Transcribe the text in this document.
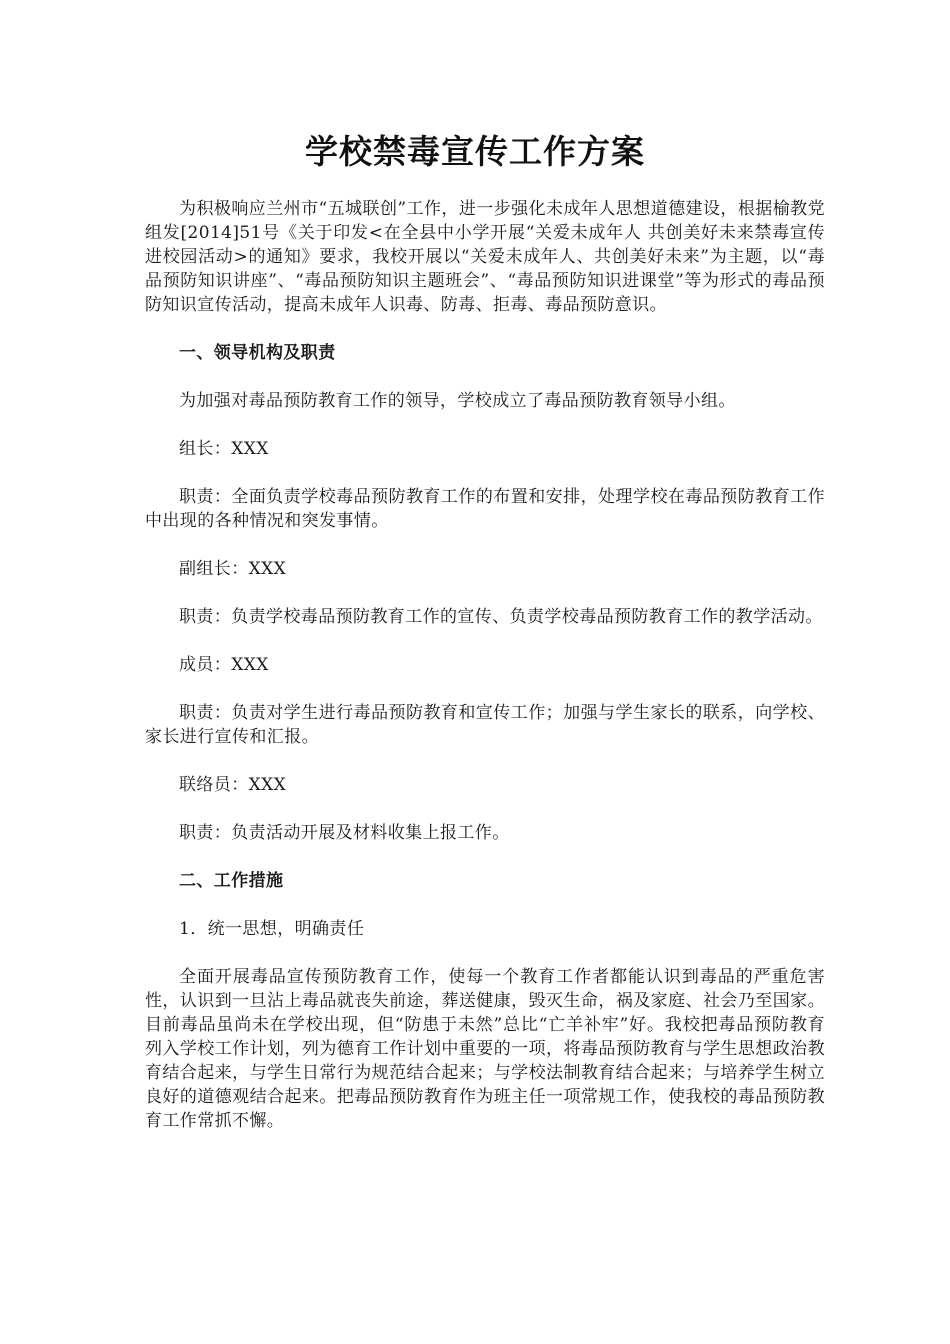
学校禁毒宣传工作方案

为积极响应兰州市“五城联创”工作，进一步强化未成年人思想道德建设，根据榆教党组发[2014]51号《关于印发<在全县中小学开展“关爱未成年人 共创美好未来禁毒宣传进校园活动>的通知》要求，我校开展以“关爱未成年人、共创美好未来”为主题，以“毒品预防知识讲座”、“毒品预防知识主题班会”、“毒品预防知识进课堂”等为形式的毒品预防知识宣传活动，提高未成年人识毒、防毒、拒毒、毒品预防意识。

一、领导机构及职责

为加强对毒品预防教育工作的领导，学校成立了毒品预防教育领导小组。

组长：XXX

职责：全面负责学校毒品预防教育工作的布置和安排，处理学校在毒品预防教育工作中出现的各种情况和突发事情。

副组长：XXX

职责：负责学校毒品预防教育工作的宣传、负责学校毒品预防教育工作的教学活动。

成员：XXX

职责：负责对学生进行毒品预防教育和宣传工作；加强与学生家长的联系，向学校、家长进行宣传和汇报。

联络员：XXX

职责：负责活动开展及材料收集上报工作。

二、工作措施

1．统一思想，明确责任

全面开展毒品宣传预防教育工作，使每一个教育工作者都能认识到毒品的严重危害性，认识到一旦沾上毒品就丧失前途，葬送健康，毁灭生命，祸及家庭、社会乃至国家。目前毒品虽尚未在学校出现，但“防患于未然”总比“亡羊补牢”好。我校把毒品预防教育列入学校工作计划，列为德育工作计划中重要的一项，将毒品预防教育与学生思想政治教育结合起来，与学生日常行为规范结合起来；与学校法制教育结合起来；与培养学生树立良好的道德观结合起来。把毒品预防教育作为班主任一项常规工作，使我校的毒品预防教育工作常抓不懈。
